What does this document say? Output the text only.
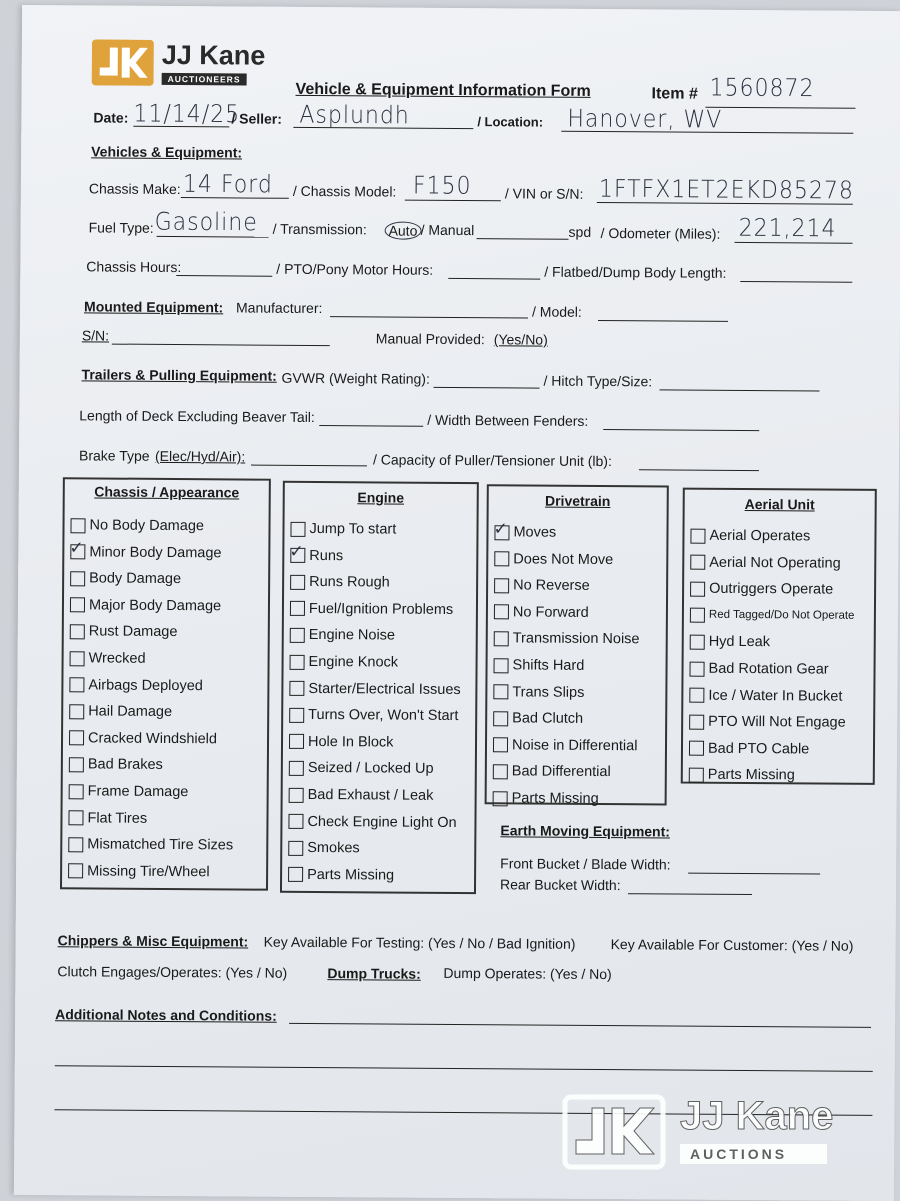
JJ Kane
AUCTIONEERS
Vehicle & Equipment Information Form	Item # 1560872
Date: 11/14/25
/ Seller: Asplundh	/ Location: Hanover, WV
Vehicles & Equipment:
Chassis Make: 14 Ford / Chassis Model: F150 / VIN or S/N: 1FTFX1ET2EKD85278
Fuel Type: Gasoline / Transmission: Auto / Manual	spd / Odometer (Miles): 221,214
Chassis Hours:	/ PTO/Pony Motor Hours:	/ Flatbed/Dump Body Length:
Mounted Equipment: Manufacturer:	/ Model:
S/N:	Manual Provided: (Yes/No)
Trailers & Pulling Equipment: GVWR (Weight Rating):	/ Hitch Type/Size:
Length of Deck Excluding Beaver Tail:	/ Width Between Fenders:
Brake Type (Elec/Hyd/Air):	/ Capacity of Puller/Tensioner Unit (lb):
Chassis / Appearance
No Body Damage
✓ Minor Body Damage
Body Damage
Major Body Damage
Rust Damage
Wrecked
Airbags Deployed
Hail Damage
Cracked Windshield
Bad Brakes
Frame Damage
Flat Tires
Mismatched Tire Sizes
Missing Tire/Wheel
Engine
Jump To start
✓ Runs
Runs Rough
Fuel/Ignition Problems
Engine Noise
Engine Knock
Starter/Electrical Issues
Turns Over, Won't Start
Hole In Block
Seized / Locked Up
Bad Exhaust / Leak
Check Engine Light On
Smokes
Parts Missing
Drivetrain
✓ Moves
Does Not Move
No Reverse
No Forward
Transmission Noise
Shifts Hard
Trans Slips
Bad Clutch
Noise in Differential
Bad Differential
Parts Missing
Aerial Unit
Aerial Operates
Aerial Not Operating
Outriggers Operate
Red Tagged/Do Not Operate
Hyd Leak
Bad Rotation Gear
Ice / Water In Bucket
PTO Will Not Engage
Bad PTO Cable
Parts Missing
Earth Moving Equipment:
Front Bucket / Blade Width:
Rear Bucket Width:
Chippers & Misc Equipment: Key Available For Testing: (Yes / No / Bad Ignition)	Key Available For Customer: (Yes / No)
Clutch Engages/Operates: (Yes / No)	Dump Trucks: Dump Operates: (Yes / No)
Additional Notes and Conditions:
JJ Kane
AUCTIONS
